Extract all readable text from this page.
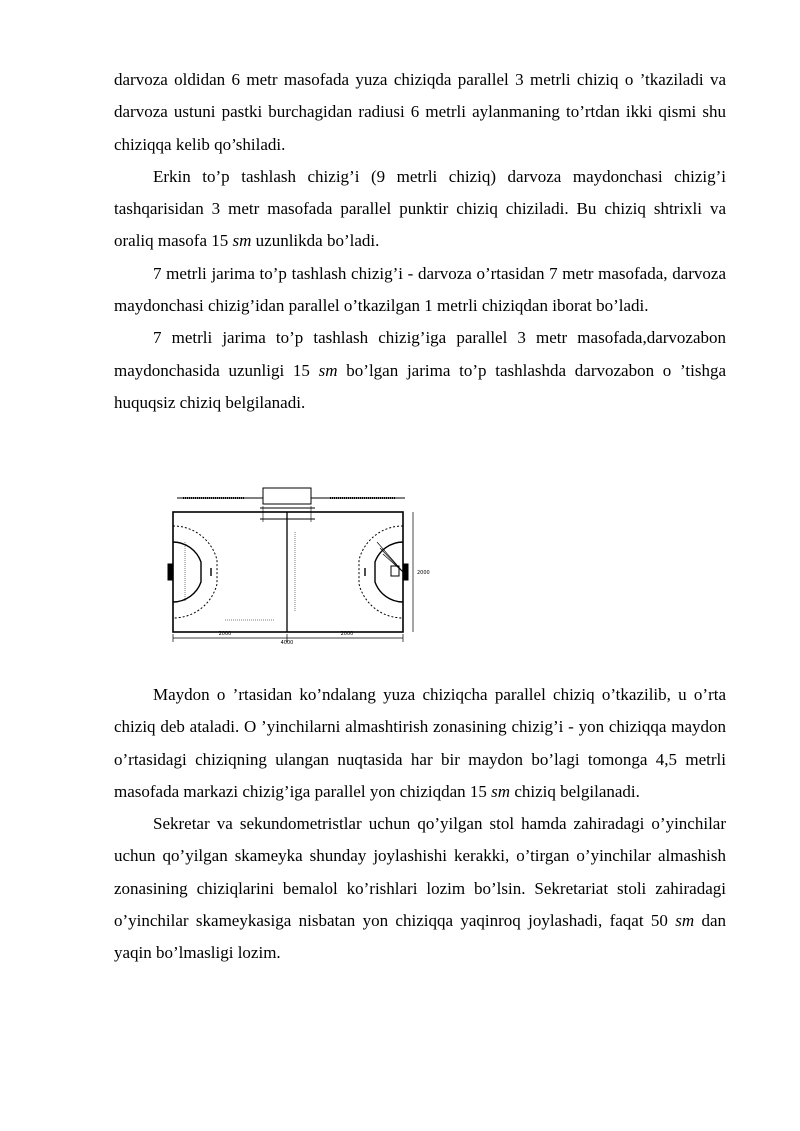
darvoza oldidan 6 metr masofada yuza chiziqda parallel 3 metrli chiziq o ’tkaziladi va darvoza ustuni pastki burchagidan radiusi 6 metrli aylanmaning to’rtdan ikki qismi shu chiziqqa kelib qo’shiladi.

Erkin to’p tashlash chizig’i (9 metrli chiziq) darvoza maydonchasi chizig’i tashqarisidan 3 metr masofada parallel punktir chiziq chiziladi. Bu chiziq shtrixli va oraliq masofa 15 sm uzunlikda bo’ladi.

7 metrli jarima to’p tashlash chizig’i - darvoza o’rtasidan 7 metr masofada, darvoza maydonchasi chizig’idan parallel o’tkazilgan 1 metrli chiziqdan iborat bo’ladi.

7 metrli jarima to’p tashlash chizig’iga parallel 3 metr masofada,darvozabon maydonchasida uzunligi 15 sm bo’lgan jarima to’p tashlashda darvozabon o ’tishga huquqsiz chiziq belgilanadi.

2000	2000
4000
2000

Maydon o ’rtasidan ko’ndalang yuza chiziqcha parallel chiziq o’tkazilib, u o’rta chiziq deb ataladi. O ’yinchilarni almashtirish zonasining chizig’i - yon chiziqqa maydon o’rtasidagi chiziqning ulangan nuqtasida har bir maydon bo’lagi tomonga 4,5 metrli masofada markazi chizig’iga parallel yon chiziqdan 15 sm chiziq belgilanadi.

Sekretar va sekundometristlar uchun qo’yilgan stol hamda zahiradagi o’yinchilar uchun qo’yilgan skameyka shunday joylashishi kerakki, o’tirgan o’yinchilar almashish zonasining chiziqlarini bemalol ko’rishlari lozim bo’lsin. Sekretariat stoli zahiradagi o’yinchilar skameykasiga nisbatan yon chiziqqa yaqinroq joylashadi, faqat 50 sm dan yaqin bo’lmasligi lozim.
